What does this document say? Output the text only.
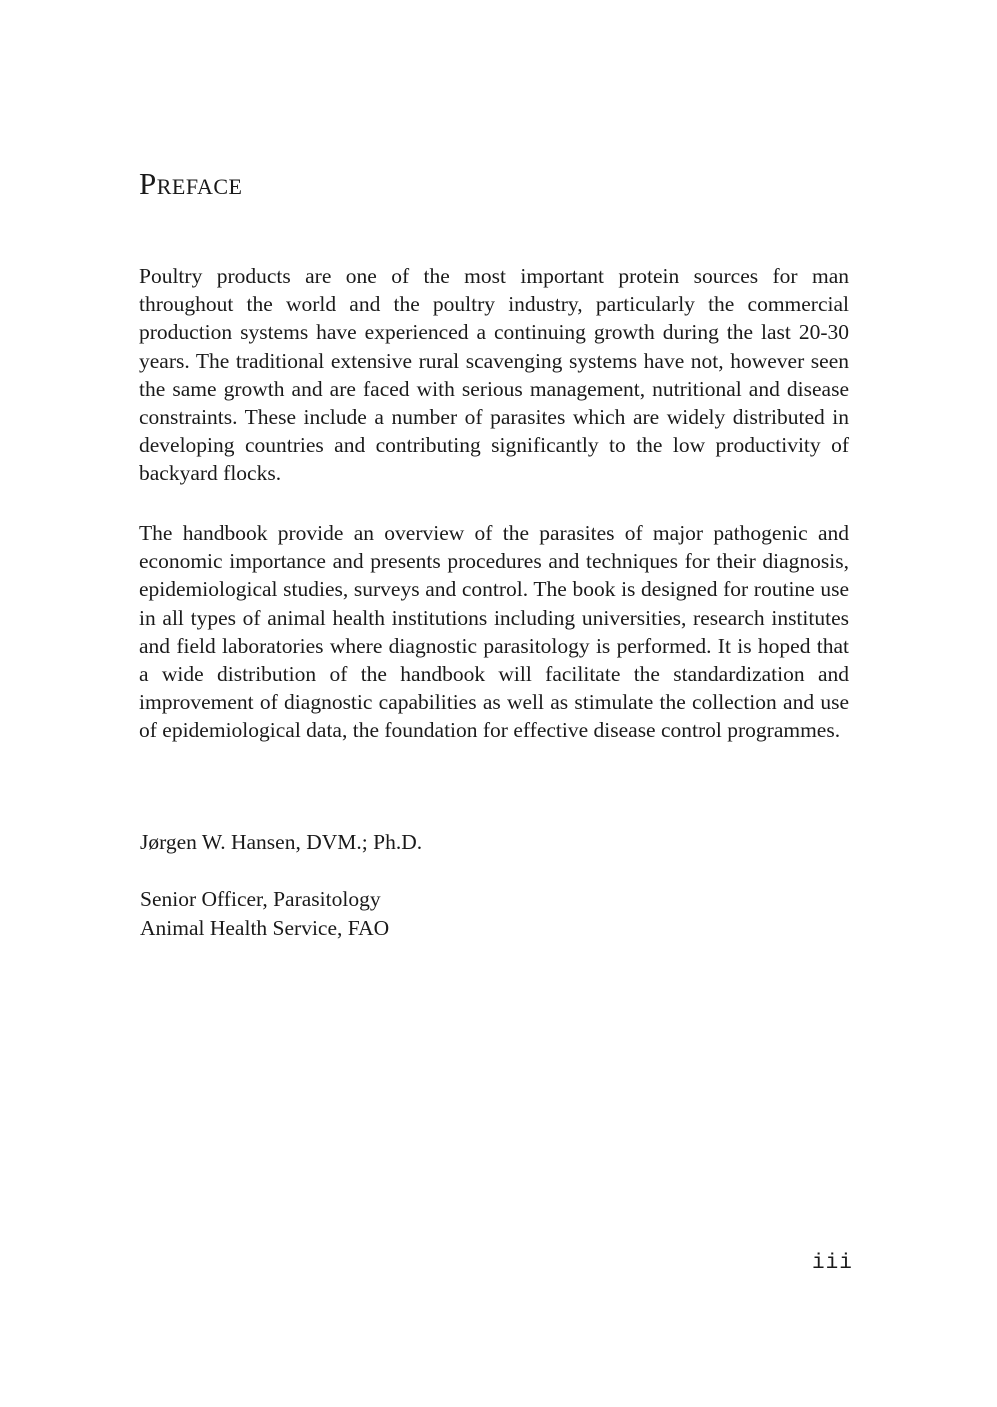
Preface

Poultry products are one of the most important protein sources for man throughout the world and the poultry industry, particularly the commercial production systems have experienced a continuing growth during the last 20-30 years. The traditional extensive rural scavenging systems have not, however seen the same growth and are faced with serious management, nutritional and disease constraints. These include a number of parasites which are widely distributed in developing countries and contributing significantly to the low productivity of backyard flocks.

The handbook provide an overview of the parasites of major pathogenic and economic importance and presents procedures and techniques for their diagnosis, epidemiological studies, surveys and control. The book is designed for routine use in all types of animal health institutions including universities, research institutes and field laboratories where diagnostic parasitology is performed. It is hoped that a wide distribution of the handbook will facilitate the standardization and improvement of diagnostic capabilities as well as stimulate the collection and use of epidemiological data, the foundation for effective disease control programmes.

Jørgen W. Hansen, DVM.; Ph.D.
Senior Officer, Parasitology
Animal Health Service, FAO
iii
